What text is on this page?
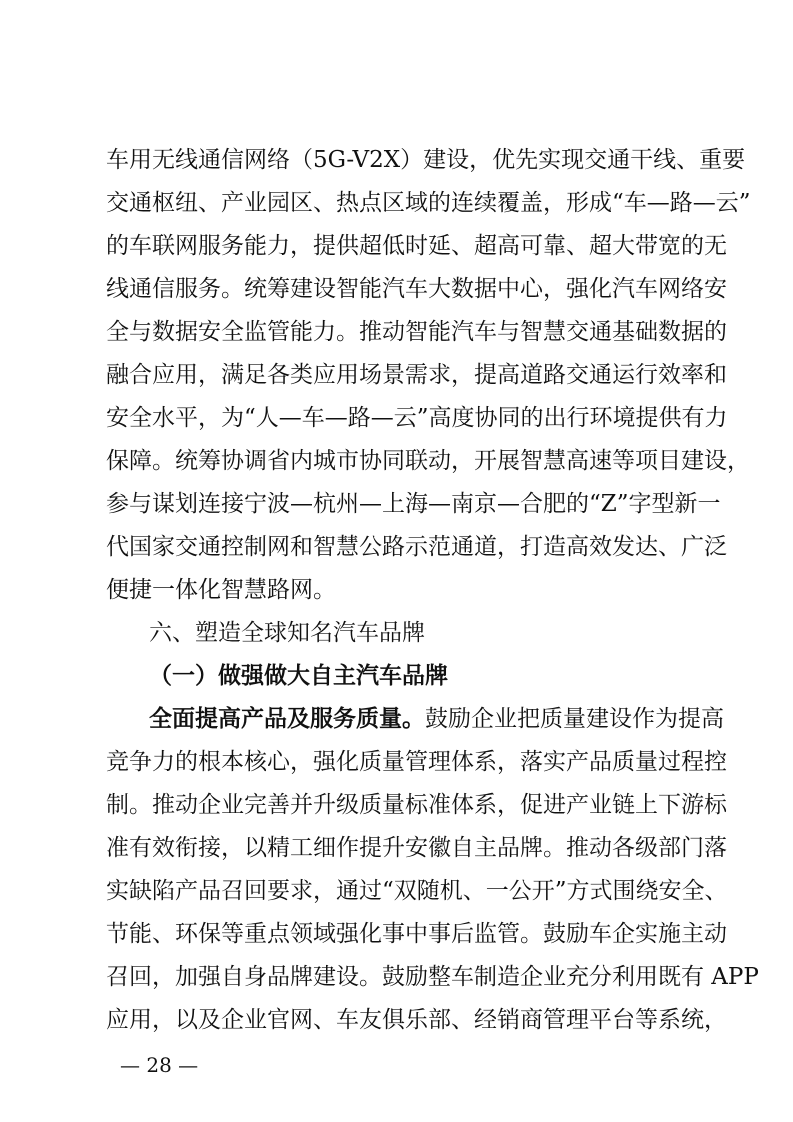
车用无线通信网络（5G-V2X）建设，优先实现交通干线、重要
交通枢纽、产业园区、热点区域的连续覆盖，形成“车—路—云”
的车联网服务能力，提供超低时延、超高可靠、超大带宽的无
线通信服务。统筹建设智能汽车大数据中心，强化汽车网络安
全与数据安全监管能力。推动智能汽车与智慧交通基础数据的
融合应用，满足各类应用场景需求，提高道路交通运行效率和
安全水平，为“人—车—路—云”高度协同的出行环境提供有力
保障。统筹协调省内城市协同联动，开展智慧高速等项目建设，
参与谋划连接宁波—杭州—上海—南京—合肥的“Z”字型新一
代国家交通控制网和智慧公路示范通道，打造高效发达、广泛
便捷一体化智慧路网。
六、塑造全球知名汽车品牌
（一）做强做大自主汽车品牌
全面提高产品及服务质量。鼓励企业把质量建设作为提高
竞争力的根本核心，强化质量管理体系，落实产品质量过程控
制。推动企业完善并升级质量标准体系，促进产业链上下游标
准有效衔接，以精工细作提升安徽自主品牌。推动各级部门落
实缺陷产品召回要求，通过“双随机、一公开”方式围绕安全、
节能、环保等重点领域强化事中事后监管。鼓励车企实施主动
召回，加强自身品牌建设。鼓励整车制造企业充分利用既有 APP
应用，以及企业官网、车友俱乐部、经销商管理平台等系统，
— 28 —
